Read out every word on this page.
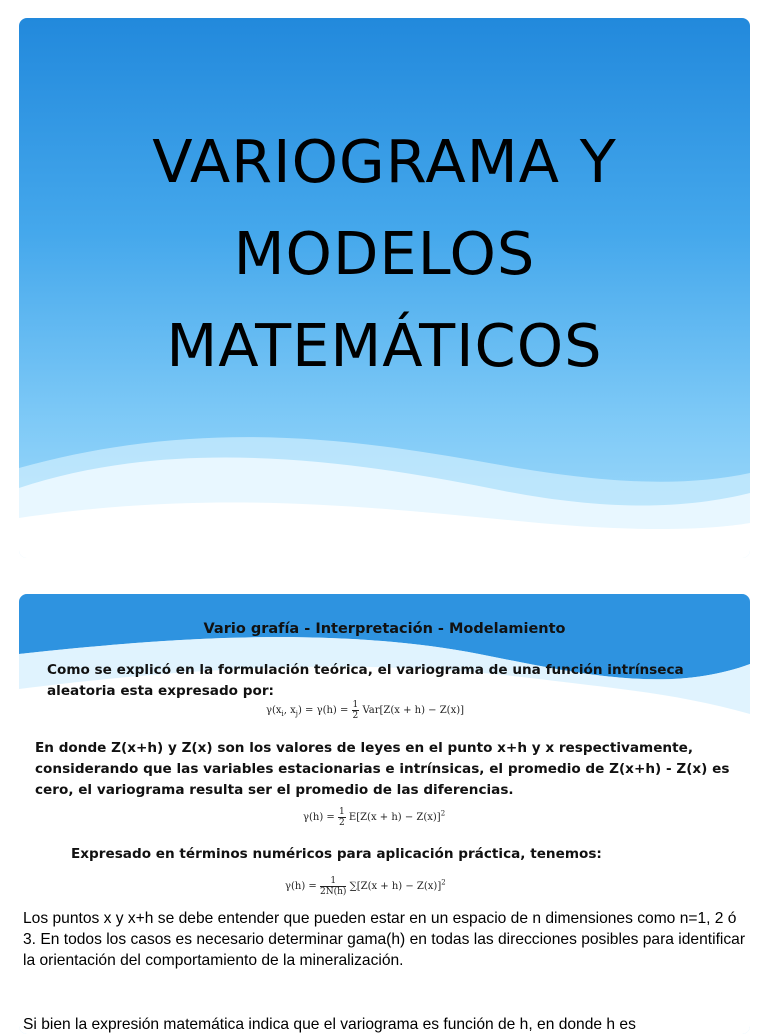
VARIOGRAMA Y
MODELOS
MATEMÁTICOS
Vario grafía - Interpretación - Modelamiento
Como se explicó en la formulación teórica, el variograma de una función intrínseca aleatoria esta expresado por:
$\gamma(x_i$, $x_j) = \gamma(h) = \frac{1}{2} Var[Z(x + h) - Z(x)]$
En donde Z(x+h) y Z(x) son los valores de leyes en el punto x+h y x respectivamente, considerando que las variables estacionarias e intrínsicas, el promedio de Z(x+h) - Z(x) es cero, el variograma resulta ser el promedio de las diferencias.
$\gamma(h) = \frac{1}{2} E[Z(x + h) - Z(x)]^2$
Expresado en términos numéricos para aplicación práctica, tenemos:
$\gamma(h) = \frac{1}{2N(h)} \sum[Z(x + h) - Z(x)]^2$
Los puntos x y x+h se debe entender que pueden estar en un espacio de n dimensiones como n=1, 2 ó 3. En todos los casos es necesario determinar gama(h) en todas las direcciones posibles para identificar la orientación del comportamiento de la mineralización.
Si bien la expresión matemática indica que el variograma es función de h, en donde h es
